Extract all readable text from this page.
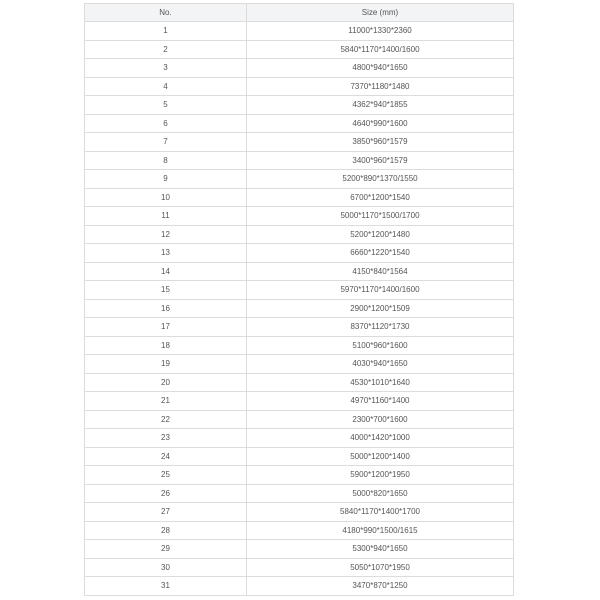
No.	Size (mm)
1	11000*1330*2360
2	5840*1170*1400/1600
3	4800*940*1650
4	7370*1180*1480
5	4362*940*1855
6	4640*990*1600
7	3850*960*1579
8	3400*960*1579
9	5200*890*1370/1550
10	6700*1200*1540
11	5000*1170*1500/1700
12	5200*1200*1480
13	6660*1220*1540
14	4150*840*1564
15	5970*1170*1400/1600
16	2900*1200*1509
17	8370*1120*1730
18	5100*960*1600
19	4030*940*1650
20	4530*1010*1640
21	4970*1160*1400
22	2300*700*1600
23	4000*1420*1000
24	5000*1200*1400
25	5900*1200*1950
26	5000*820*1650
27	5840*1170*1400*1700
28	4180*990*1500/1615
29	5300*940*1650
30	5050*1070*1950
31	3470*870*1250
